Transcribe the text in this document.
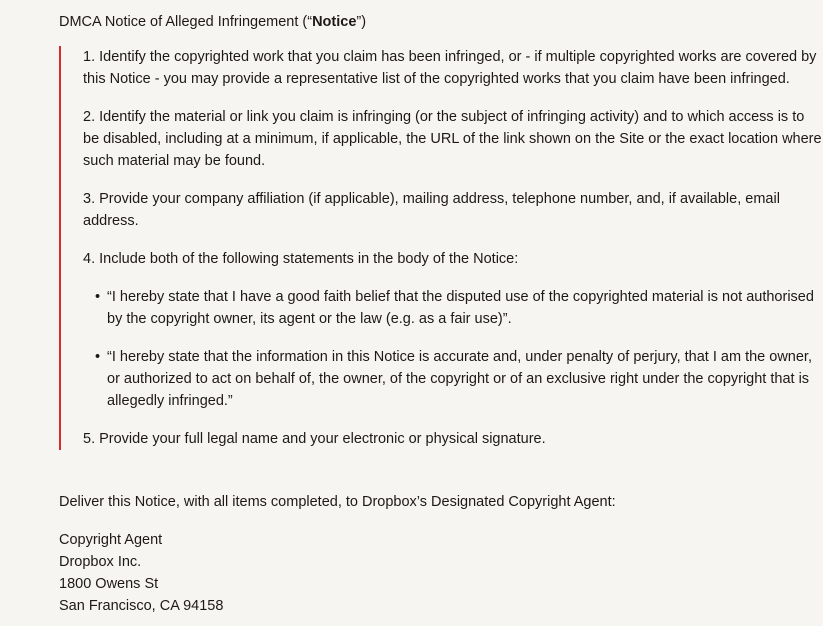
DMCA Notice of Alleged Infringement (“Notice”)

1. Identify the copyrighted work that you claim has been infringed, or - if multiple copyrighted works are covered by this Notice - you may provide a representative list of the copyrighted works that you claim have been infringed.

2. Identify the material or link you claim is infringing (or the subject of infringing activity) and to which access is to be disabled, including at a minimum, if applicable, the URL of the link shown on the Site or the exact location where such material may be found.

3. Provide your company affiliation (if applicable), mailing address, telephone number, and, if available, email address.

4. Include both of the following statements in the body of the Notice:

• “I hereby state that I have a good faith belief that the disputed use of the copyrighted material is not authorised by the copyright owner, its agent or the law (e.g. as a fair use)”.
• “I hereby state that the information in this Notice is accurate and, under penalty of perjury, that I am the owner, or authorized to act on behalf of, the owner, of the copyright or of an exclusive right under the copyright that is allegedly infringed.”

5. Provide your full legal name and your electronic or physical signature.

Deliver this Notice, with all items completed, to Dropbox’s Designated Copyright Agent:

Copyright Agent
Dropbox Inc.
1800 Owens St
San Francisco, CA 94158
